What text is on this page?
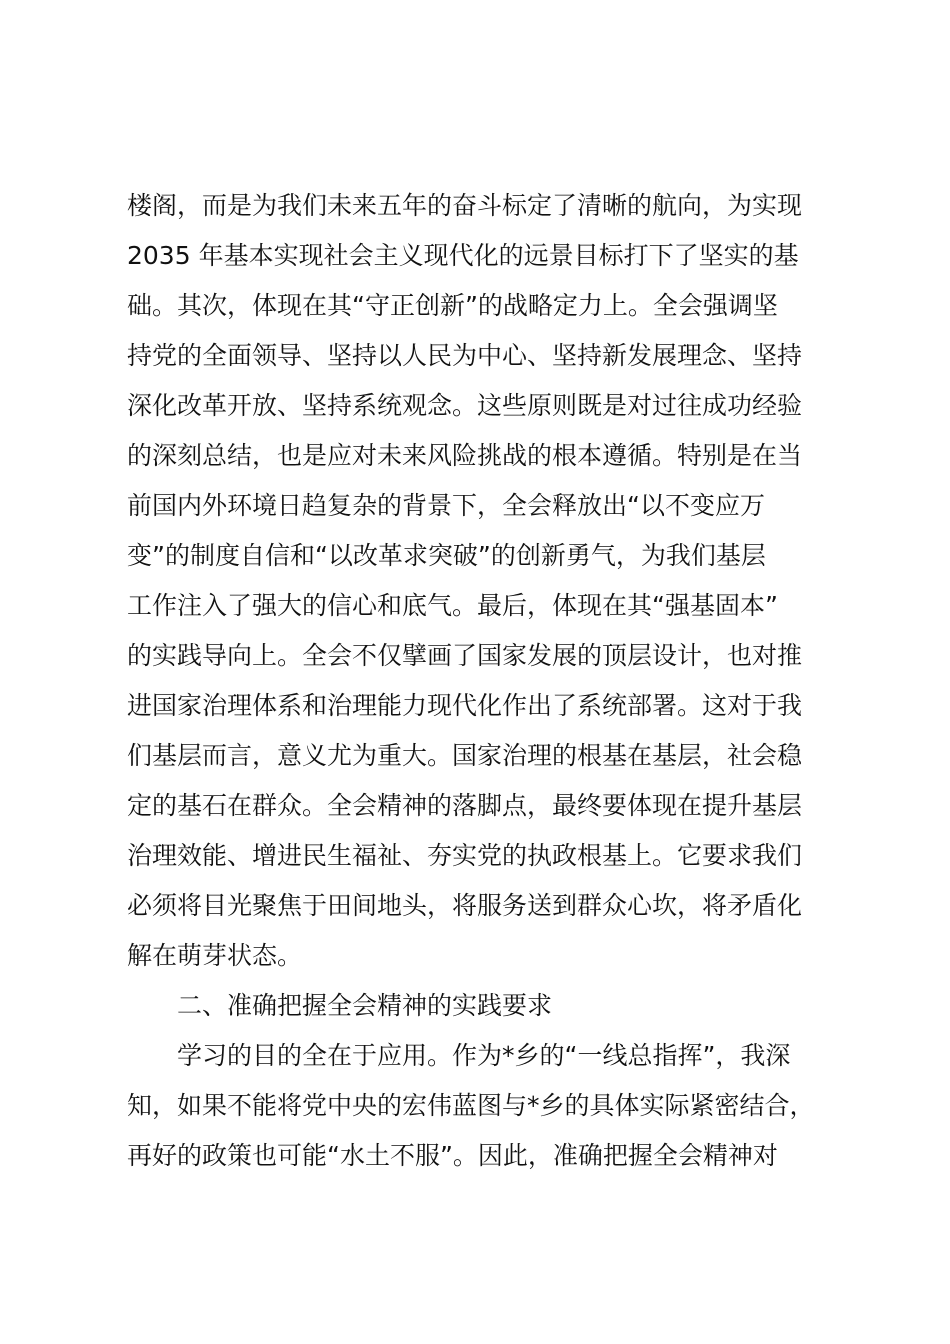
楼阁，而是为我们未来五年的奋斗标定了清晰的航向，为实现
2035 年基本实现社会主义现代化的远景目标打下了坚实的基
础。其次，体现在其“守正创新”的战略定力上。全会强调坚
持党的全面领导、坚持以人民为中心、坚持新发展理念、坚持
深化改革开放、坚持系统观念。这些原则既是对过往成功经验
的深刻总结，也是应对未来风险挑战的根本遵循。特别是在当
前国内外环境日趋复杂的背景下，全会释放出“以不变应万
变”的制度自信和“以改革求突破”的创新勇气，为我们基层
工作注入了强大的信心和底气。最后，体现在其“强基固本”
的实践导向上。全会不仅擘画了国家发展的顶层设计，也对推
进国家治理体系和治理能力现代化作出了系统部署。这对于我
们基层而言，意义尤为重大。国家治理的根基在基层，社会稳
定的基石在群众。全会精神的落脚点，最终要体现在提升基层
治理效能、增进民生福祉、夯实党的执政根基上。它要求我们
必须将目光聚焦于田间地头，将服务送到群众心坎，将矛盾化
解在萌芽状态。
二、准确把握全会精神的实践要求
学习的目的全在于应用。作为*乡的“一线总指挥”，我深
知，如果不能将党中央的宏伟蓝图与*乡的具体实际紧密结合，
再好的政策也可能“水土不服”。因此，准确把握全会精神对
